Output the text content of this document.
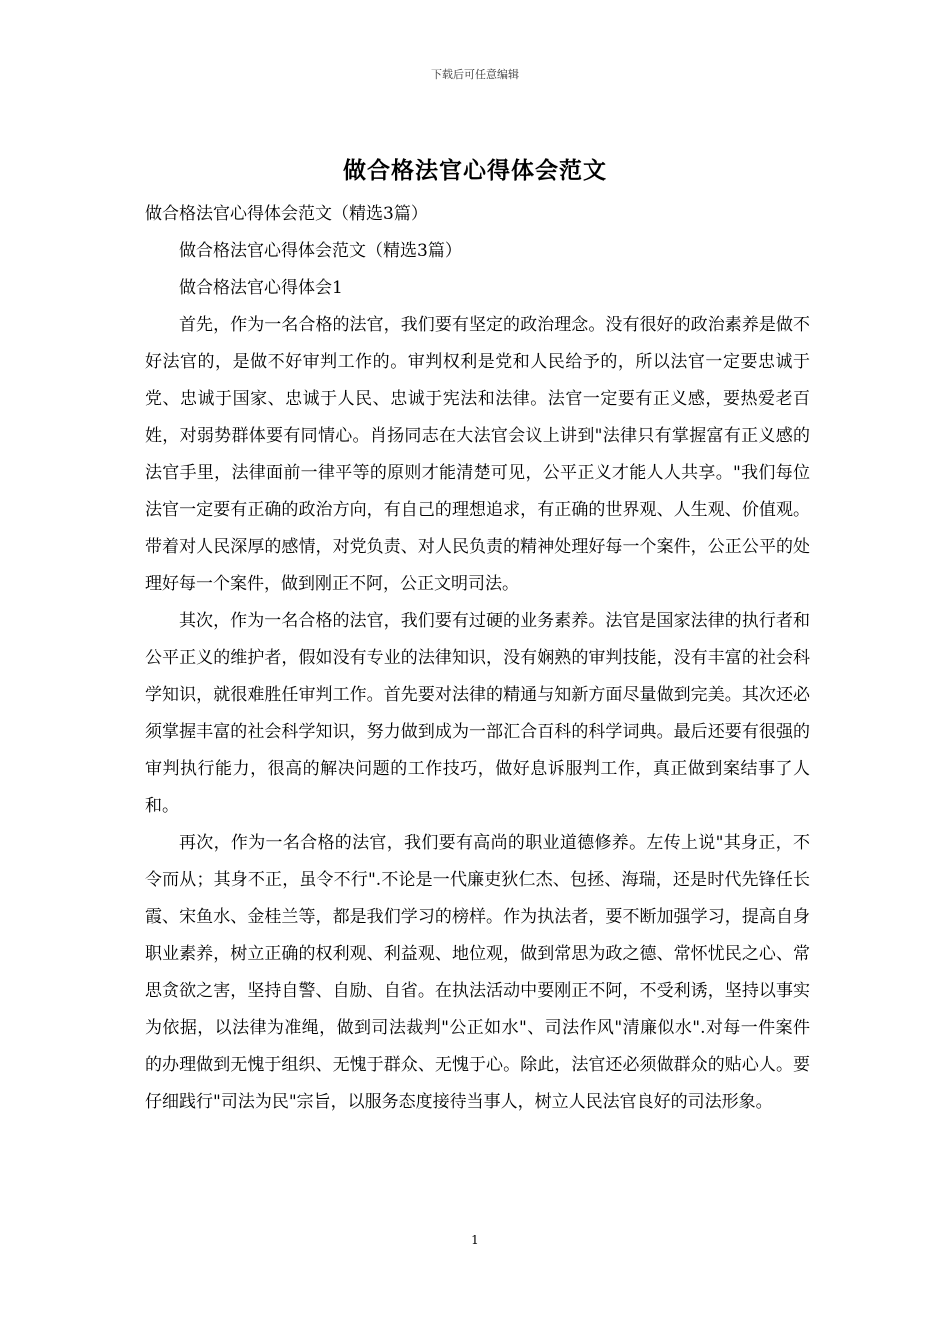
下载后可任意编辑
做合格法官心得体会范文
做合格法官心得体会范文（精选3篇）
做合格法官心得体会范文（精选3篇）
做合格法官心得体会1

首先，作为一名合格的法官，我们要有坚定的政治理念。没有很好的政治素养是做不好法官的，是做不好审判工作的。审判权利是党和人民给予的，所以法官一定要忠诚于党、忠诚于国家、忠诚于人民、忠诚于宪法和法律。法官一定要有正义感，要热爱老百姓，对弱势群体要有同情心。肖扬同志在大法官会议上讲到"法律只有掌握富有正义感的法官手里，法律面前一律平等的原则才能清楚可见，公平正义才能人人共享。"我们每位法官一定要有正确的政治方向，有自己的理想追求，有正确的世界观、人生观、价值观。带着对人民深厚的感情，对党负责、对人民负责的精神处理好每一个案件，公正公平的处理好每一个案件，做到刚正不阿，公正文明司法。

其次，作为一名合格的法官，我们要有过硬的业务素养。法官是国家法律的执行者和公平正义的维护者，假如没有专业的法律知识，没有娴熟的审判技能，没有丰富的社会科学知识，就很难胜任审判工作。首先要对法律的精通与知新方面尽量做到完美。其次还必须掌握丰富的社会科学知识，努力做到成为一部汇合百科的科学词典。最后还要有很强的审判执行能力，很高的解决问题的工作技巧，做好息诉服判工作，真正做到案结事了人和。

再次，作为一名合格的法官，我们要有高尚的职业道德修养。左传上说"其身正，不令而从；其身不正，虽令不行".不论是一代廉吏狄仁杰、包拯、海瑞，还是时代先锋任长霞、宋鱼水、金桂兰等，都是我们学习的榜样。作为执法者，要不断加强学习，提高自身职业素养，树立正确的权利观、利益观、地位观，做到常思为政之德、常怀忧民之心、常思贪欲之害，坚持自警、自励、自省。在执法活动中要刚正不阿，不受利诱，坚持以事实为依据，以法律为准绳，做到司法裁判"公正如水"、司法作风"清廉似水".对每一件案件的办理做到无愧于组织、无愧于群众、无愧于心。除此，法官还必须做群众的贴心人。要仔细践行"司法为民"宗旨，以服务态度接待当事人，树立人民法官良好的司法形象。

1
